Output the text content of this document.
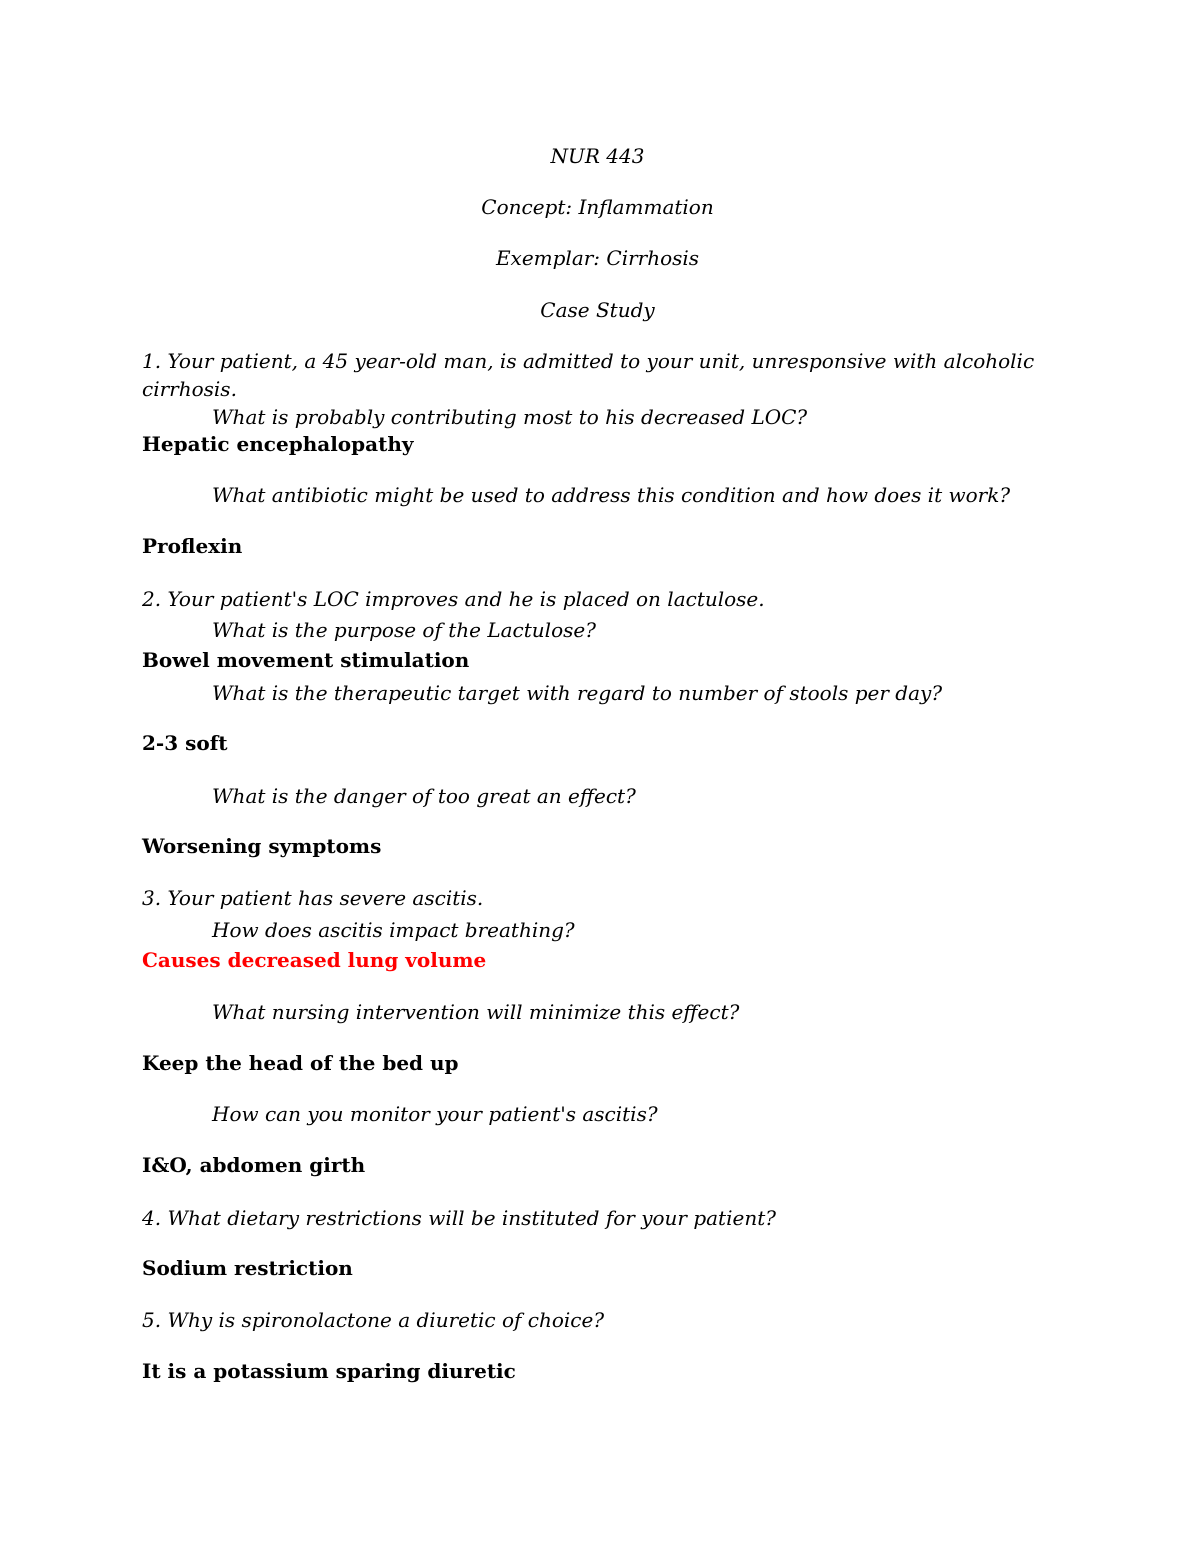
NUR 443

Concept: Inflammation

Exemplar: Cirrhosis

Case Study

1. Your patient, a 45 year-old man, is admitted to your unit, unresponsive with alcoholic

cirrhosis.

What is probably contributing most to his decreased LOC?

Hepatic encephalopathy

What antibiotic might be used to address this condition and how does it work?

Proflexin

2. Your patient's LOC improves and he is placed on lactulose.

What is the purpose of the Lactulose?

Bowel movement stimulation

What is the therapeutic target with regard to number of stools per day?

2-3 soft

What is the danger of too great an effect?

Worsening symptoms

3. Your patient has severe ascitis.

How does ascitis impact breathing?

Causes decreased lung volume

What nursing intervention will minimize this effect?

Keep the head of the bed up

How can you monitor your patient's ascitis?

I&O, abdomen girth

4. What dietary restrictions will be instituted for your patient?

Sodium restriction

5. Why is spironolactone a diuretic of choice?

It is a potassium sparing diuretic
